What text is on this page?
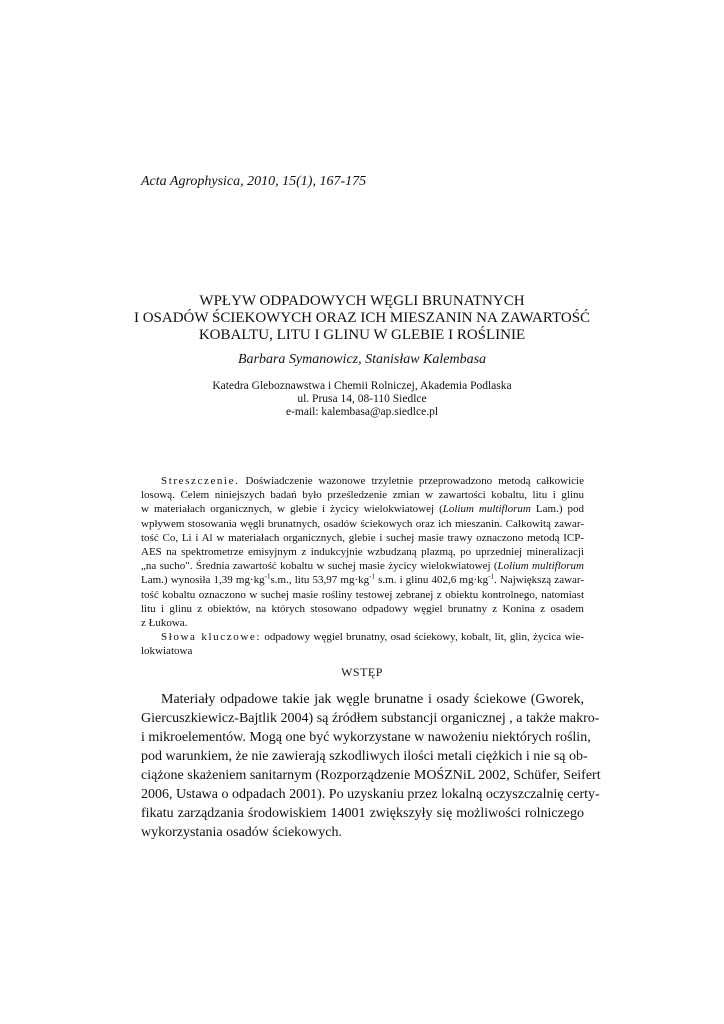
Acta Agrophysica, 2010, 15(1), 167-175
WPŁYW ODPADOWYCH WĘGLI BRUNATNYCH
I OSADÓW ŚCIEKOWYCH ORAZ ICH MIESZANIN NA ZAWARTOŚĆ
KOBALTU, LITU I GLINU W GLEBIE I ROŚLINIE
Barbara Symanowicz, Stanisław Kalembasa
Katedra Gleboznawstwa i Chemii Rolniczej, Akademia Podlaska
ul. Prusa 14, 08-110 Siedlce
e-mail: kalembasa@ap.siedlce.pl
Streszczenie. Doświadczenie wazonowe trzyletnie przeprowadzono metodą całkowicie
losową. Celem niniejszych badań było prześledzenie zmian w zawartości kobaltu, litu i glinu
w materiałach organicznych, w glebie i życicy wielokwiatowej (Lolium multiflorum Lam.) pod
wpływem stosowania węgli brunatnych, osadów ściekowych oraz ich mieszanin. Całkowitą zawar-
tość Co, Li i Al w materiałach organicznych, glebie i suchej masie trawy oznaczono metodą ICP-
AES na spektrometrze emisyjnym z indukcyjnie wzbudzaną plazmą, po uprzedniej mineralizacji
„na sucho". Średnia zawartość kobaltu w suchej masie życicy wielokwiatowej (Lolium multiflorum
Lam.) wynosiła 1,39 $mg\cdot kg^{-1}s.m$., litu 53,97 $mg\cdot kg^{-1}$ s.m. i glinu 402,6 $mg\cdot kg^{-1}$. Największą zawar-
tość kobaltu oznaczono w suchej masie rośliny testowej zebranej z obiektu kontrolnego, natomiast
litu i glinu z obiektów, na których stosowano odpadowy węgiel brunatny z Konina z osadem
z Łukowa.
Słowa kluczowe: odpadowy węgiel brunatny, osad ściekowy, kobalt, lit, glin, życica wie-
lokwiatowa
WSTĘP
Materiały odpadowe takie jak węgle brunatne i osady ściekowe (Gworek,
Giercuszkiewicz-Bajtlik 2004) są źródłem substancji organicznej , a także makro-
i mikroelementów. Mogą one być wykorzystane w nawożeniu niektórych roślin,
pod warunkiem, że nie zawierają szkodliwych ilości metali ciężkich i nie są ob-
ciążone skażeniem sanitarnym (Rozporządzenie MOŚZNiL 2002, Schüfer, Seifert
2006, Ustawa o odpadach 2001). Po uzyskaniu przez lokalną oczyszczalnię certy-
fikatu zarządzania środowiskiem 14001 zwiększyły się możliwości rolniczego
wykorzystania osadów ściekowych.
